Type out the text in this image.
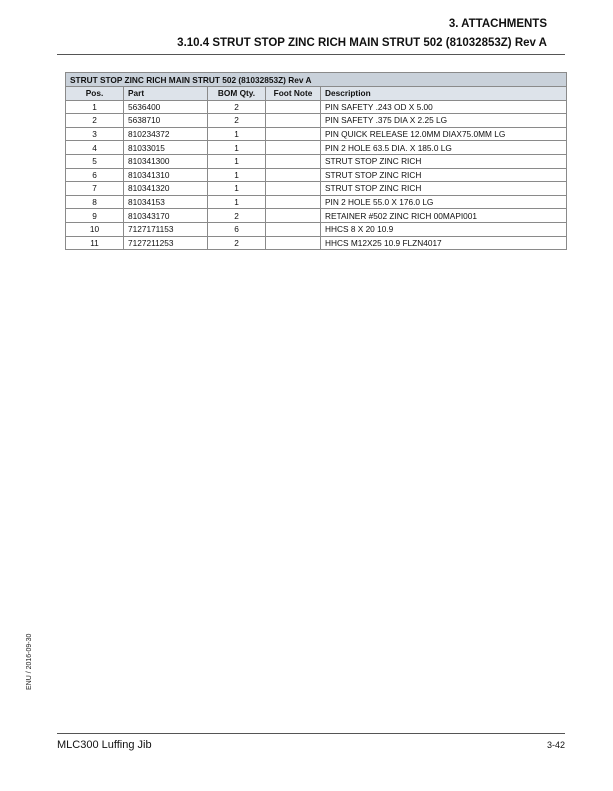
3. ATTACHMENTS
3.10.4 STRUT STOP ZINC RICH MAIN STRUT 502 (81032853Z) Rev A
STRUT STOP ZINC RICH MAIN STRUT 502 (81032853Z) Rev A				
Pos.	Part	BOM Qty.	Foot Note	Description
1	5636400	2		PIN SAFETY .243 OD X 5.00
2	5638710	2		PIN SAFETY .375 DIA X 2.25 LG
3	810234372	1		PIN QUICK RELEASE 12.0MM DIAX75.0MM LG
4	81033015	1		PIN 2 HOLE 63.5 DIA. X 185.0 LG
5	810341300	1		STRUT STOP ZINC RICH
6	810341310	1		STRUT STOP ZINC RICH
7	810341320	1		STRUT STOP ZINC RICH
8	81034153	1		PIN 2 HOLE 55.0 X 176.0 LG
9	810343170	2		RETAINER #502 ZINC RICH 00MAPI001
10	7127171153	6		HHCS 8 X 20 10.9
11	7127211253	2		HHCS M12X25 10.9 FLZN4017
ENU / 2016-09-30
MLC300 Luffing Jib	3-42
